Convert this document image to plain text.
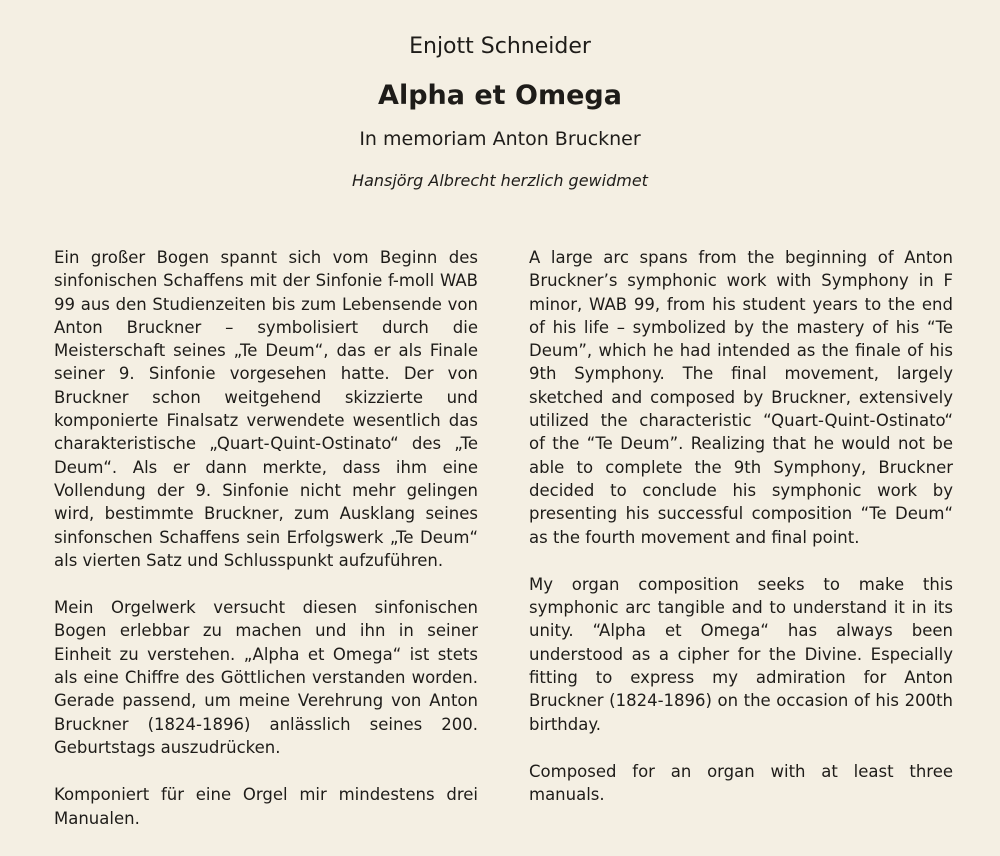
Enjott Schneider
Alpha et Omega
In memoriam Anton Bruckner
Hansjörg Albrecht herzlich gewidmet

Ein großer Bogen spannt sich vom Beginn des sinfonischen Schaffens mit der Sinfonie f-moll WAB 99 aus den Studienzeiten bis zum Lebensende von Anton Bruckner – symbolisiert durch die Meisterschaft seines „Te Deum“, das er als Finale seiner 9. Sinfonie vorgesehen hatte. Der von Bruckner schon weitgehend skizzierte und komponierte Finalsatz verwendete wesentlich das charakteristische „Quart-Quint-Ostinato“ des „Te Deum“. Als er dann merkte, dass ihm eine Vollendung der 9. Sinfonie nicht mehr gelingen wird, bestimmte Bruckner, zum Ausklang seines sinfonschen Schaffens sein Erfolgswerk „Te Deum“ als vierten Satz und Schlusspunkt aufzuführen.

Mein Orgelwerk versucht diesen sinfonischen Bogen erlebbar zu machen und ihn in seiner Einheit zu verstehen. „Alpha et Omega“ ist stets als eine Chiffre des Göttlichen verstanden worden. Gerade passend, um meine Verehrung von Anton Bruckner (1824-1896) anlässlich seines 200. Geburtstags auszudrücken.

Komponiert für eine Orgel mir mindestens drei Manualen.

A large arc spans from the beginning of Anton Bruckner’s symphonic work with Symphony in F minor, WAB 99, from his student years to the end of his life – symbolized by the mastery of his “Te Deum”, which he had intended as the finale of his 9th Symphony. The final movement, largely sketched and composed by Bruckner, extensively utilized the characteristic “Quart-Quint-Ostinato“ of the “Te Deum”. Realizing that he would not be able to complete the 9th Symphony, Bruckner decided to conclude his symphonic work by presenting his successful composition “Te Deum“ as the fourth movement and final point.

My organ composition seeks to make this symphonic arc tangible and to understand it in its unity. “Alpha et Omega“ has always been understood as a cipher for the Divine. Especially fitting to express my admiration for Anton Bruckner (1824-1896) on the occasion of his 200th birthday.

Composed for an organ with at least three manuals.
